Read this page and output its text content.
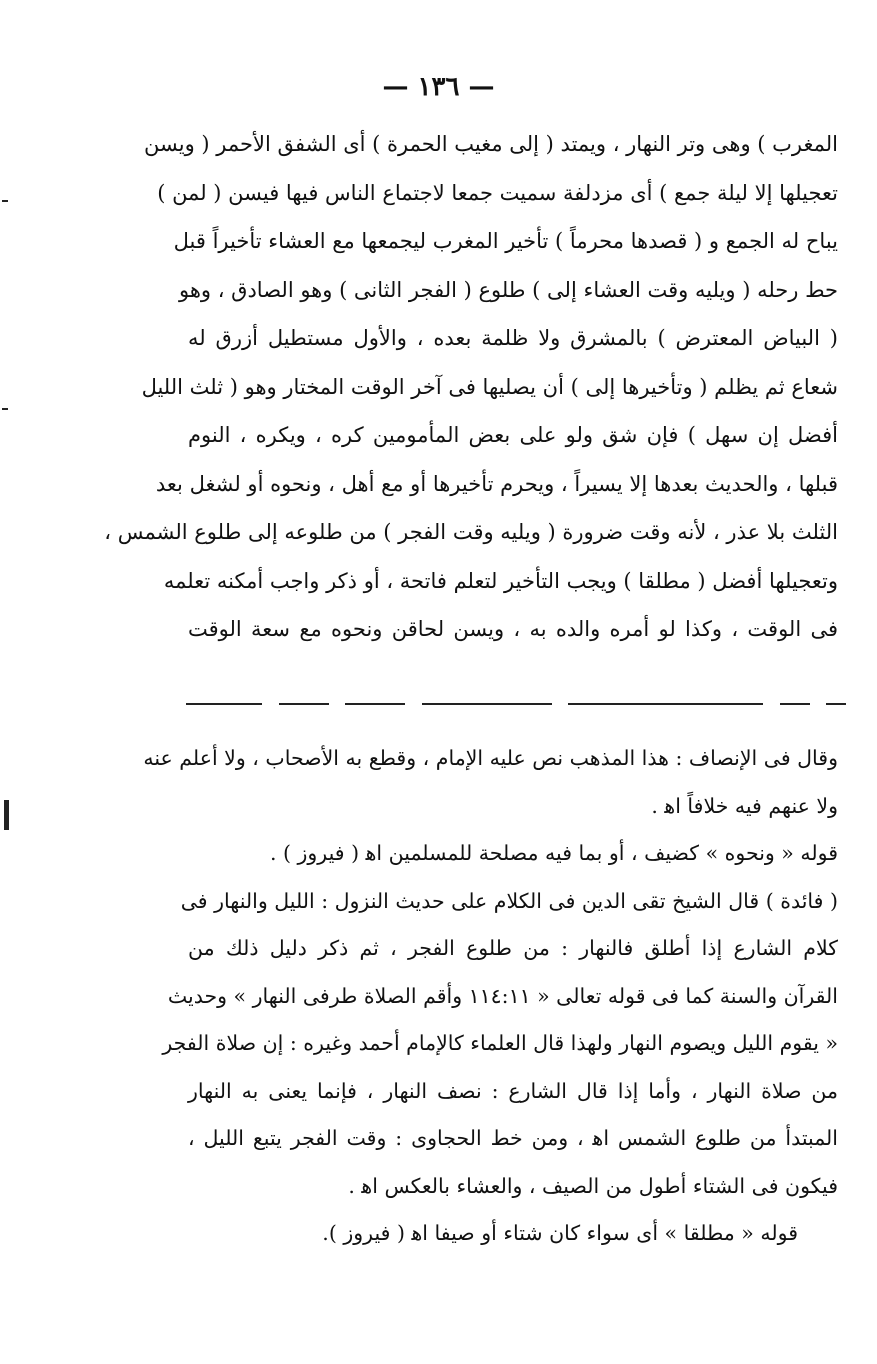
— ١٣٦ —
المغرب ) وهى وتر النهار ، ويمتد ( إلى مغيب الحمرة ) أى الشفق الأحمر ( ويسن
تعجيلها إلا ليلة جمع ) أى مزدلفة سميت جمعا لاجتماع الناس فيها فيسن ( لمن )
يباح له الجمع و ( قصدها محرماً ) تأخير المغرب ليجمعها مع العشاء تأخيراً قبل
حط رحله ( ويليه وقت العشاء إلى ) طلوع ( الفجر الثانى ) وهو الصادق ، وهو
( البياض المعترض ) بالمشرق ولا ظلمة بعده ، والأول مستطيل أزرق له
شعاع ثم يظلم ( وتأخيرها إلى ) أن يصليها فى آخر الوقت المختار وهو ( ثلث الليل
أفضل إن سهل ) فإن شق ولو على بعض المأمومين كره ، ويكره ، النوم
قبلها ، والحديث بعدها إلا يسيراً ، ويحرم تأخيرها أو مع أهل ، ونحوه أو لشغل بعد
الثلث بلا عذر ، لأنه وقت ضرورة ( ويليه وقت الفجر ) من طلوعه إلى طلوع الشمس ،
وتعجيلها أفضل ( مطلقا ) ويجب التأخير لتعلم فاتحة ، أو ذكر واجب أمكنه تعلمه
فى الوقت ، وكذا لو أمره والده به ، ويسن لحاقن ونحوه مع سعة الوقت
وقال فى الإنصاف : هذا المذهب نص عليه الإمام ، وقطع به الأصحاب ، ولا أعلم عنه
ولا عنهم فيه خلافاً اﻫ .
قوله « ونحوه » كضيف ، أو بما فيه مصلحة للمسلمين اﻫ ( فيروز ) .
( فائدة ) قال الشيخ تقى الدين فى الكلام على حديث النزول : الليل والنهار فى
كلام الشارع إذا أطلق فالنهار : من طلوع الفجر ، ثم ذكر دليل ذلك من
القرآن والسنة كما فى قوله تعالى « ١١٤:١١ وأقم الصلاة طرفى النهار » وحديث
« يقوم الليل ويصوم النهار ولهذا قال العلماء كالإمام أحمد وغيره : إن صلاة الفجر
من صلاة النهار ، وأما إذا قال الشارع : نصف النهار ، فإنما يعنى به النهار
المبتدأ من طلوع الشمس اﻫ ، ومن خط الحجاوى : وقت الفجر يتبع الليل ،
فيكون فى الشتاء أطول من الصيف ، والعشاء بالعكس اﻫ .
قوله « مطلقا » أى سواء كان شتاء أو صيفا اﻫ ( فيروز ).
